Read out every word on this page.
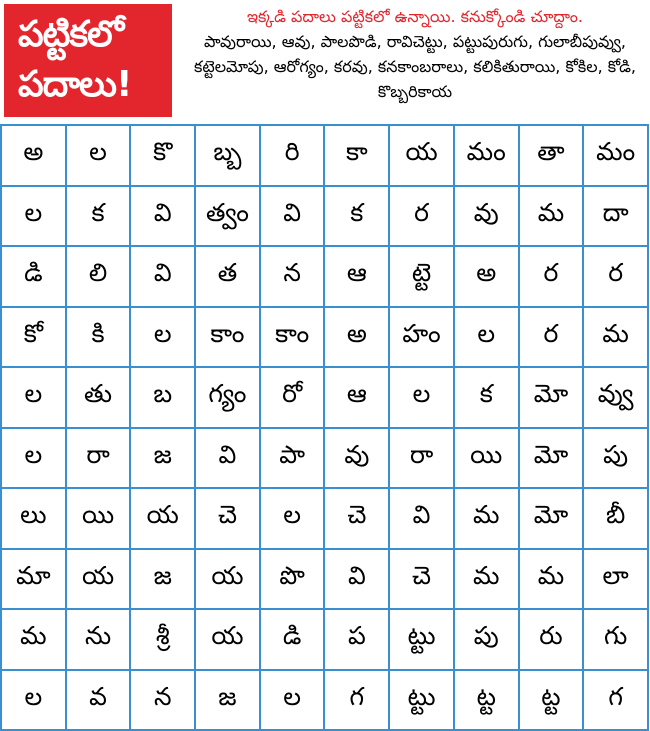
పట్టికలో
పదాలు!
ఇక్కడి పదాలు పట్టికలో ఉన్నాయి. కనుక్కోండి చూద్దాం.
పావురాయి, ఆవు, పాలపొడి, రావిచెట్టు, పట్టుపురుగు, గులాబీపువ్వు, కట్టెలమోపు, ఆరోగ్యం, కరవు, కనకాంబరాలు, కలికితురాయి, కోకిల, కోడి, కొబ్బరికాయ
అ	ల	కొ	బ్బ	రి	కా	య	మం	తా	మం
ల	క	వి	త్వం	వి	క	ర	వు	మ	దా
డి	లి	వి	త	న	ఆ	ట్టె	అ	ర	ర
కో	కి	ల	కాం	కాం	అ	హం	ల	ర	మ
ల	తు	బ	గ్యం	రో	ఆ	ల	క	మో	వ్వు
ల	రా	జ	వి	పా	వు	రా	యి	మో	పు
లు	యి	య	చె	ల	చె	వి	మ	మో	బీ
మా	య	జ	య	పొ	వి	చె	మ	మ	లా
మ	ను	శ్రీ	య	డి	ప	ట్టు	పు	రు	గు
ల	వ	న	జ	ల	గ	ట్టు	ట్ట	ట్ట	గ
